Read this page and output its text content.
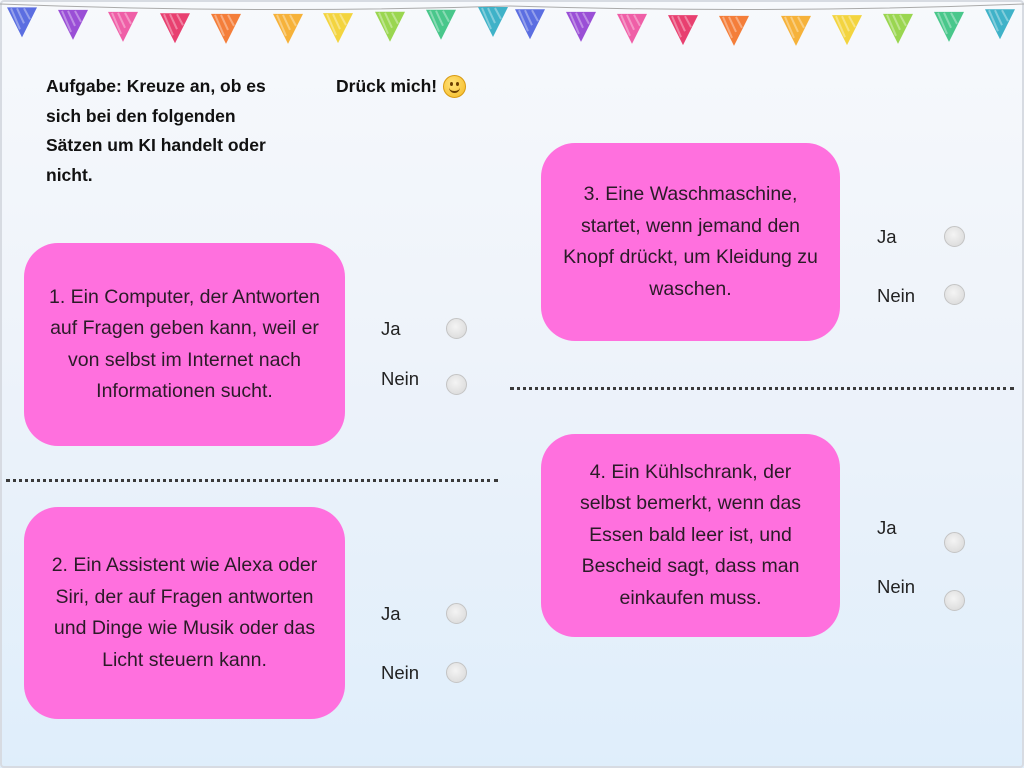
Aufgabe: Kreuze an, ob es sich bei den folgenden Sätzen um KI handelt oder nicht.
Drück mich!
1. Ein Computer, der Antworten auf Fragen geben kann, weil er von selbst im Internet nach Informationen sucht.
Ja
Nein
2. Ein Assistent wie Alexa oder Siri, der auf Fragen antworten und Dinge wie Musik oder das Licht steuern kann.
Ja
Nein
3. Eine Waschmaschine, startet, wenn jemand den Knopf drückt, um Kleidung zu waschen.
Ja
Nein
4. Ein Kühlschrank, der selbst bemerkt, wenn das Essen bald leer ist, und Bescheid sagt, dass man einkaufen muss.
Ja
Nein
